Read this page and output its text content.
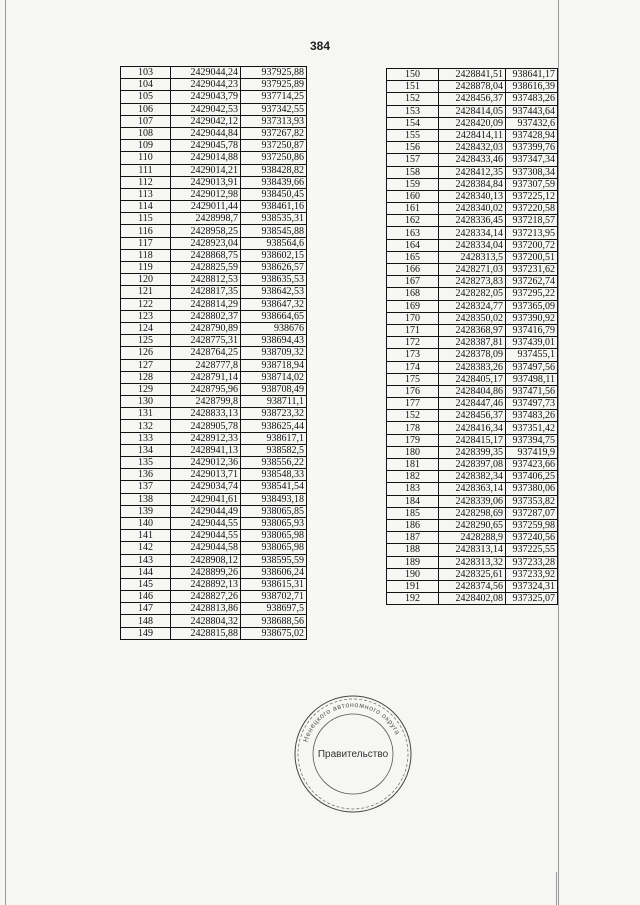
384
103	2429044,24	937925,88
104	2429044,23	937925,89
105	2429043,79	937714,25
106	2429042,53	937342,55
107	2429042,12	937313,93
108	2429044,84	937267,82
109	2429045,78	937250,87
110	2429014,88	937250,86
111	2429014,21	938428,82
112	2429013,91	938439,66
113	2429012,98	938450,45
114	2429011,44	938461,16
115	2428998,7	938535,31
116	2428958,25	938545,88
117	2428923,04	938564,6
118	2428868,75	938602,15
119	2428825,59	938626,57
120	2428812,53	938635,53
121	2428817,35	938642,53
122	2428814,29	938647,32
123	2428802,37	938664,65
124	2428790,89	938676
125	2428775,31	938694,43
126	2428764,25	938709,32
127	2428777,8	938718,94
128	2428791,14	938714,02
129	2428795,96	938708,49
130	2428799,8	938711,1
131	2428833,13	938723,32
132	2428905,78	938625,44
133	2428912,33	938617,1
134	2428941,13	938582,5
135	2429012,36	938556,22
136	2429013,71	938548,33
137	2429034,74	938541,54
138	2429041,61	938493,18
139	2429044,49	938065,85
140	2429044,55	938065,93
141	2429044,55	938065,98
142	2429044,58	938065,98
143	2428908,12	938595,59
144	2428899,26	938606,24
145	2428892,13	938615,31
146	2428827,26	938702,71
147	2428813,86	938697,5
148	2428804,32	938688,56
149	2428815,88	938675,02
150	2428841,51	938641,17
151	2428878,04	938616,39
152	2428456,37	937483,26
153	2428414,05	937443,64
154	2428420,09	937432,6
155	2428414,11	937428,94
156	2428432,03	937399,76
157	2428433,46	937347,34
158	2428412,35	937308,34
159	2428384,84	937307,59
160	2428340,13	937225,12
161	2428340,02	937220,58
162	2428336,45	937218,57
163	2428334,14	937213,95
164	2428334,04	937200,72
165	2428313,5	937200,51
166	2428271,03	937231,62
167	2428273,83	937262,74
168	2428282,05	937295,22
169	2428324,77	937365,09
170	2428350,02	937390,92
171	2428368,97	937416,79
172	2428387,81	937439,01
173	2428378,09	937455,1
174	2428383,26	937497,56
175	2428405,17	937498,11
176	2428404,86	937471,56
177	2428447,46	937497,73
152	2428456,37	937483,26
178	2428416,34	937351,42
179	2428415,17	937394,75
180	2428399,35	937419,9
181	2428397,08	937423,66
182	2428382,34	937406,25
183	2428363,14	937380,06
184	2428339,06	937353,82
185	2428298,69	937287,07
186	2428290,65	937259,98
187	2428288,9	937240,56
188	2428313,14	937225,55
189	2428313,32	937233,28
190	2428325,61	937233,92
191	2428374,56	937324,31
192	2428402,08	937325,07
Ненецкого автономного округа
Правительство
